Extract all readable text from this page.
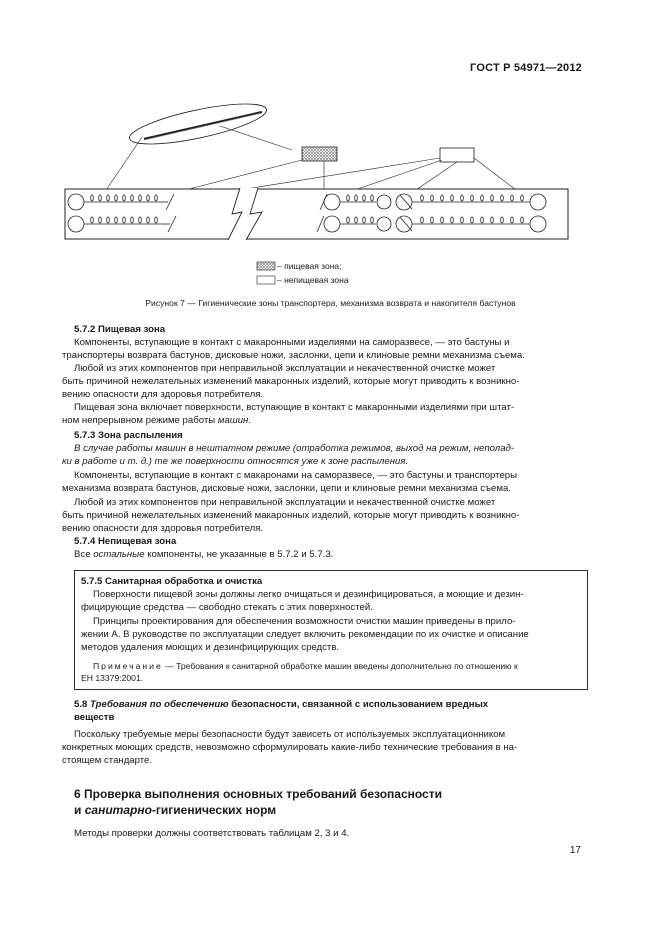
ГОСТ Р 54971—2012
– пищевая зона;
– непищевая зона
Рисунок 7 — Гигиенические зоны транспортера, механизма возврата и накопителя бастунов
5.7.2 Пищевая зона
Компоненты, вступающие в контакт с макаронными изделиями на саморазвесе, — это бастуны и
транспортеры возврата бастунов, дисковые ножи, заслонки, цепи и клиновые ремни механизма съема.
Любой из этих компонентов при неправильной эксплуатации и некачественной очистке может
быть причиной нежелательных изменений макаронных изделий, которые могут приводить к возникно-
вению опасности для здоровья потребителя.
Пищевая зона включает поверхности, вступающие в контакт с макаронными изделиями при штат-
ном непрерывном режиме работы машин.
5.7.3 Зона распыления
В случае работы машин в нештатном режиме (отработка режимов, выход на режим, неполад-
ки в работе и т. д.) те же поверхности относятся уже к зоне распыления.
Компоненты, вступающие в контакт с макаронами на саморазвесе, — это бастуны и транспортеры
механизма возврата бастунов, дисковые ножи, заслонки, цепи и клиновые ремни механизма съема.
Любой из этих компонентов при неправильной эксплуатации и некачественной очистке может
быть причиной нежелательных изменений макаронных изделий, которые могут приводить к возникно-
вению опасности для здоровья потребителя.
5.7.4 Непищевая зона
Все остальные компоненты, не указанные в 5.7.2 и 5.7.3.
5.7.5 Санитарная обработка и очистка
Поверхности пищевой зоны должны легко очищаться и дезинфицироваться, а моющие и дезин-
фицирующие средства — свободно стекать с этих поверхностей.
Принципы проектирования для обеспечения возможности очистки машин приведены в прило-
жении А. В руководстве по эксплуатации следует включить рекомендации по их очистке и описание
методов удаления моющих и дезинфицирующих средств.
Примечание — Требования к санитарной обработке машин введены дополнительно по отношению к
ЕН 13379:2001.
5.8 Требования по обеспечению безопасности, связанной с использованием вредных
веществ
Поскольку требуемые меры безопасности будут зависеть от используемых эксплуатационником
конкретных моющих средств, невозможно сформулировать какие-либо технические требования в на-
стоящем стандарте.
6 Проверка выполнения основных требований безопасности
и санитарно-гигиенических норм
Методы проверки должны соответствовать таблицам 2, 3 и 4.
17
